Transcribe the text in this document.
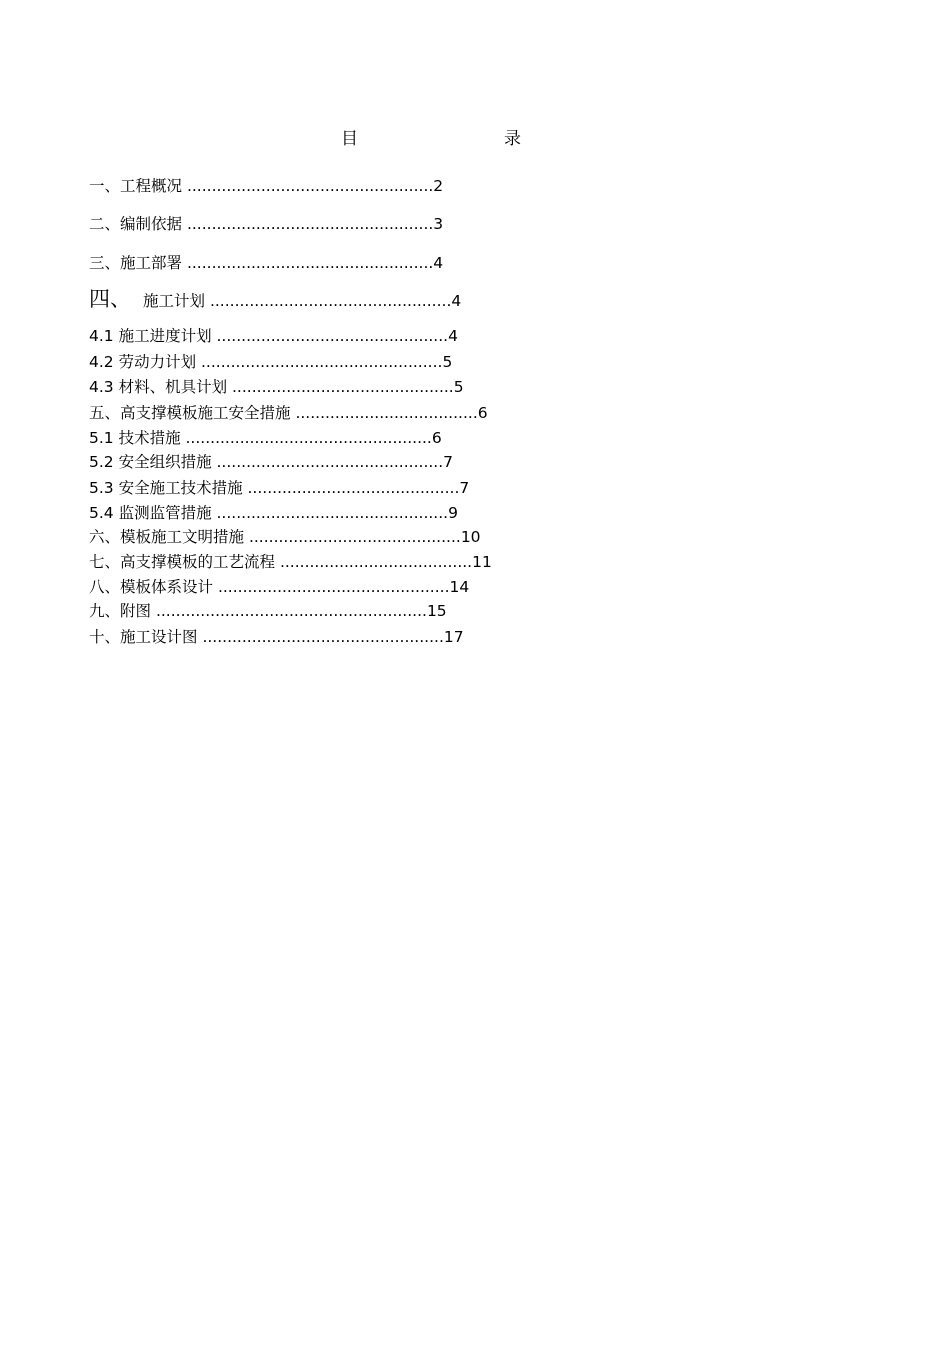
目	录
一、工程概况 ..................................................2
二、编制依据 ..................................................3
三、施工部署 ..................................................4
四、 施工计划 .................................................4
4.1 施工进度计划 ...............................................4
4.2 劳动力计划 .................................................5
4.3 材料、机具计划 .............................................5
五、高支撑模板施工安全措施 .....................................6
5.1 技术措施 ..................................................6
5.2 安全组织措施 ..............................................7
5.3 安全施工技术措施 ...........................................7
5.4 监测监管措施 ...............................................9
六、模板施工文明措施 ...........................................10
七、高支撑模板的工艺流程 .......................................11
八、模板体系设计 ...............................................14
九、附图 .......................................................15
十、施工设计图 .................................................17
